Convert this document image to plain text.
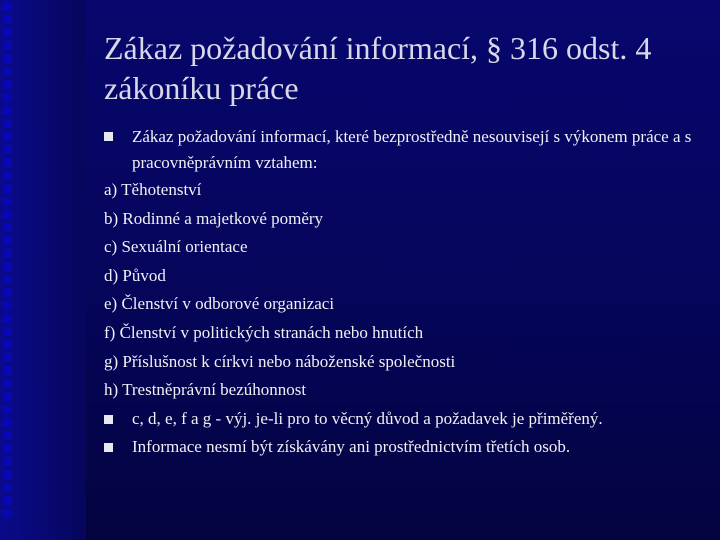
Zákaz požadování informací, § 316 odst. 4 zákoníku práce
Zákaz požadování informací, které bezprostředně nesouvisejí s výkonem práce a s pracovněprávním vztahem:
a) Těhotenství
b) Rodinné a majetkové poměry
c) Sexuální orientace
d) Původ
e) Členství v odborové organizaci
f) Členství v politických stranách nebo hnutích
g) Příslušnost k církvi nebo náboženské společnosti
h) Trestněprávní bezúhonnost
c, d, e, f a g - výj. je-li pro to věcný důvod a požadavek je přiměřený.
Informace nesmí být získávány ani prostřednictvím třetích osob.
